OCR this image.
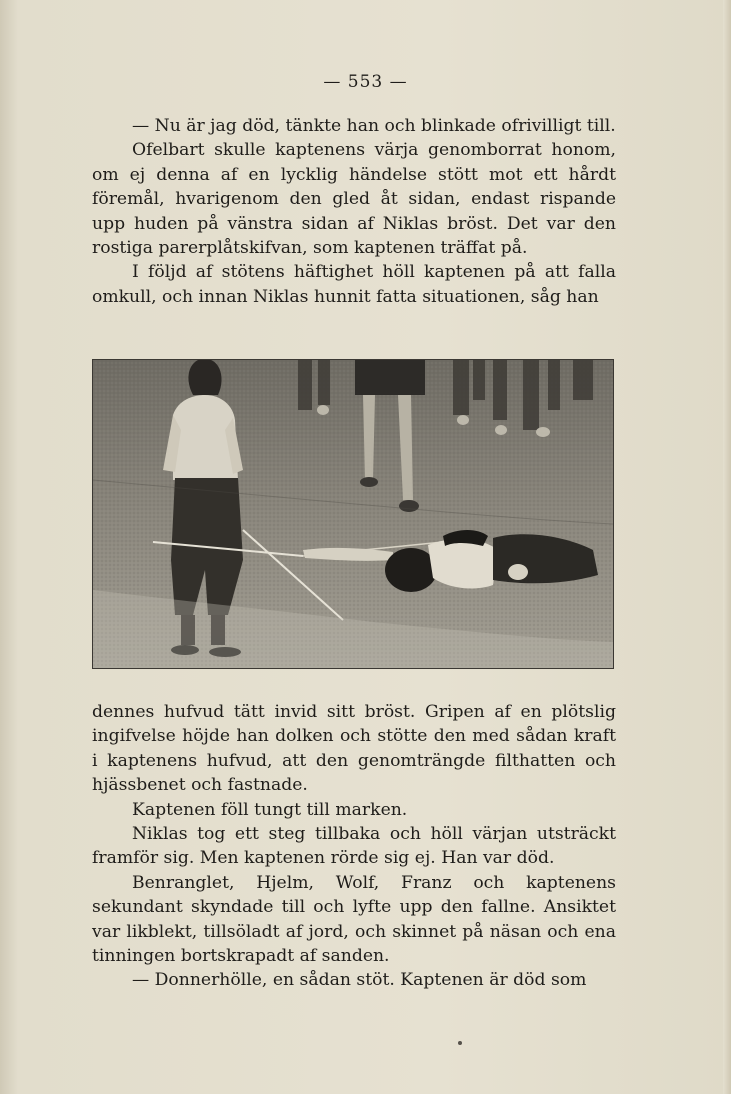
— 553 —

— Nu är jag död, tänkte han och blinkade ofrivilligt till.

Ofelbart skulle kaptenens värja genomborrat honom, om ej denna af en lycklig händelse stött mot ett hårdt föremål, hvarigenom den gled åt sidan, endast rispande upp huden på vänstra sidan af Niklas bröst. Det var den rostiga parerplåtskifvan, som kaptenen träffat på.

I följd af stötens häftighet höll kaptenen på att falla omkull, och innan Niklas hunnit fatta situationen, såg han

dennes hufvud tätt invid sitt bröst. Gripen af en plötslig ingifvelse höjde han dolken och stötte den med sådan kraft i kaptenens hufvud, att den genomträngde filthatten och hjässbenet och fastnade.

Kaptenen föll tungt till marken.

Niklas tog ett steg tillbaka och höll värjan utsträckt framför sig. Men kaptenen rörde sig ej. Han var död.

Benranglet, Hjelm, Wolf, Franz och kaptenens sekundant skyndade till och lyfte upp den fallne. Ansiktet var likblekt, tillsöladt af jord, och skinnet på näsan och ena tinningen bortskrapadt af sanden.

— Donnerhölle, en sådan stöt. Kaptenen är död som
